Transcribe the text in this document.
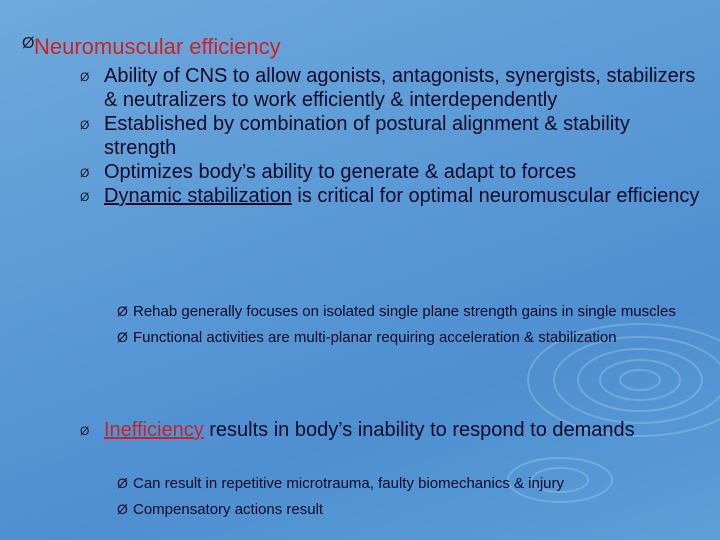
Ø Neuromuscular efficiency
Ø Ability of CNS to allow agonists, antagonists, synergists, stabilizers & neutralizers to work efficiently & interdependently
Ø Established by combination of postural alignment & stability strength
Ø Optimizes body’s ability to generate & adapt to forces
Ø Dynamic stabilization is critical for optimal neuromuscular efficiency
Ø Rehab generally focuses on isolated single plane strength gains in single muscles
Ø Functional activities are multi-planar requiring acceleration & stabilization
Ø Inefficiency results in body’s inability to respond to demands
Ø Can result in repetitive microtrauma, faulty biomechanics & injury
Ø Compensatory actions result
